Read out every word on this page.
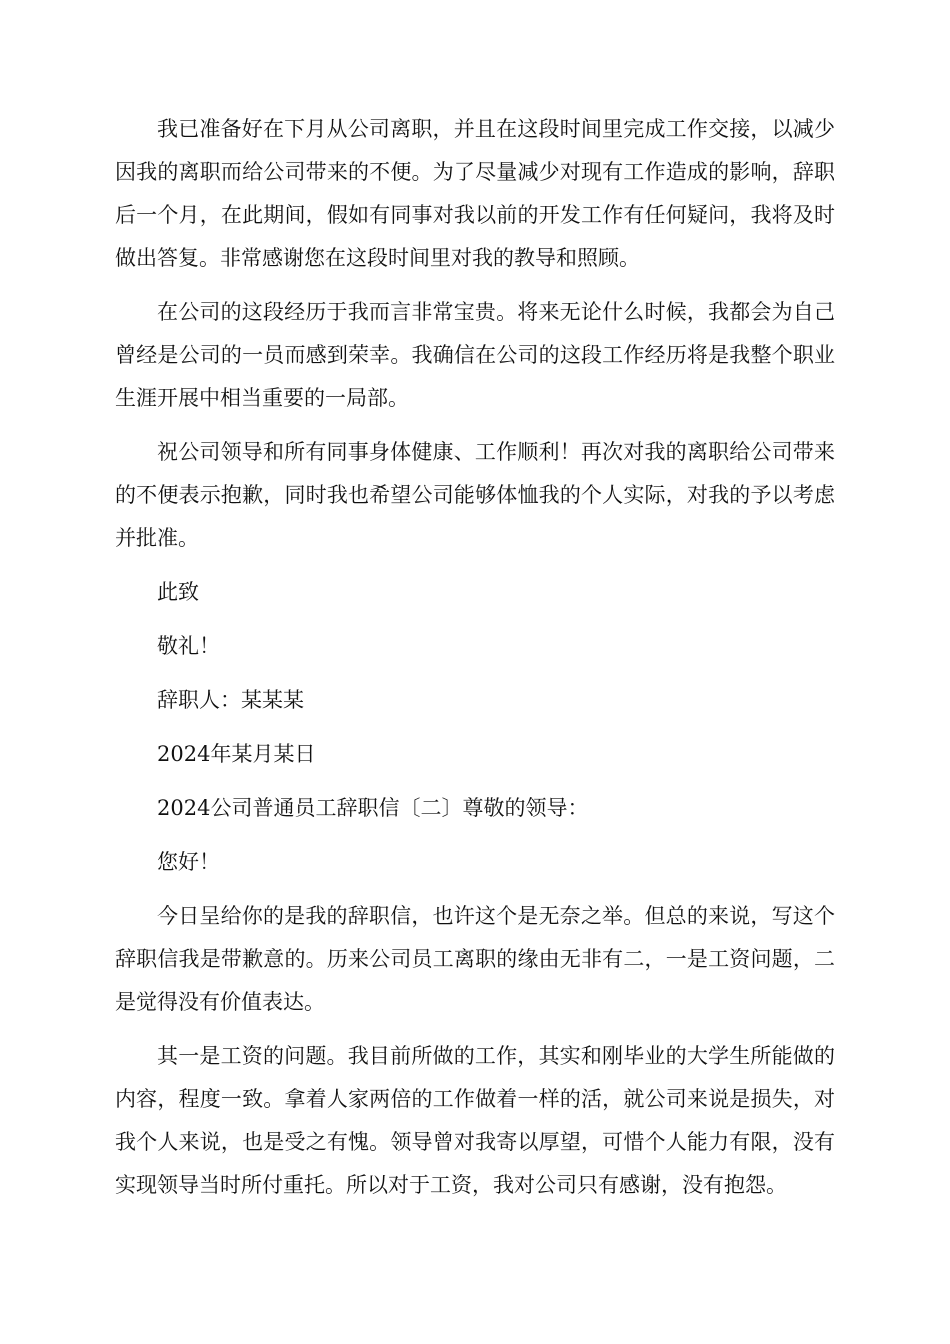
我已准备好在下月从公司离职，并且在这段时间里完成工作交接，以减少因我的离职而给公司带来的不便。为了尽量减少对现有工作造成的影响，辞职后一个月，在此期间，假如有同事对我以前的开发工作有任何疑问，我将及时做出答复。非常感谢您在这段时间里对我的教导和照顾。

在公司的这段经历于我而言非常宝贵。将来无论什么时候，我都会为自己曾经是公司的一员而感到荣幸。我确信在公司的这段工作经历将是我整个职业生涯开展中相当重要的一局部。

祝公司领导和所有同事身体健康、工作顺利！再次对我的离职给公司带来的不便表示抱歉，同时我也希望公司能够体恤我的个人实际，对我的予以考虑并批准。

此致

敬礼！

辞职人：某某某

2024年某月某日

2024公司普通员工辞职信〔二〕尊敬的领导：

您好！

今日呈给你的是我的辞职信，也许这个是无奈之举。但总的来说，写这个辞职信我是带歉意的。历来公司员工离职的缘由无非有二，一是工资问题，二是觉得没有价值表达。

其一是工资的问题。我目前所做的工作，其实和刚毕业的大学生所能做的内容，程度一致。拿着人家两倍的工作做着一样的活，就公司来说是损失，对我个人来说，也是受之有愧。领导曾对我寄以厚望，可惜个人能力有限，没有实现领导当时所付重托。所以对于工资，我对公司只有感谢，没有抱怨。
